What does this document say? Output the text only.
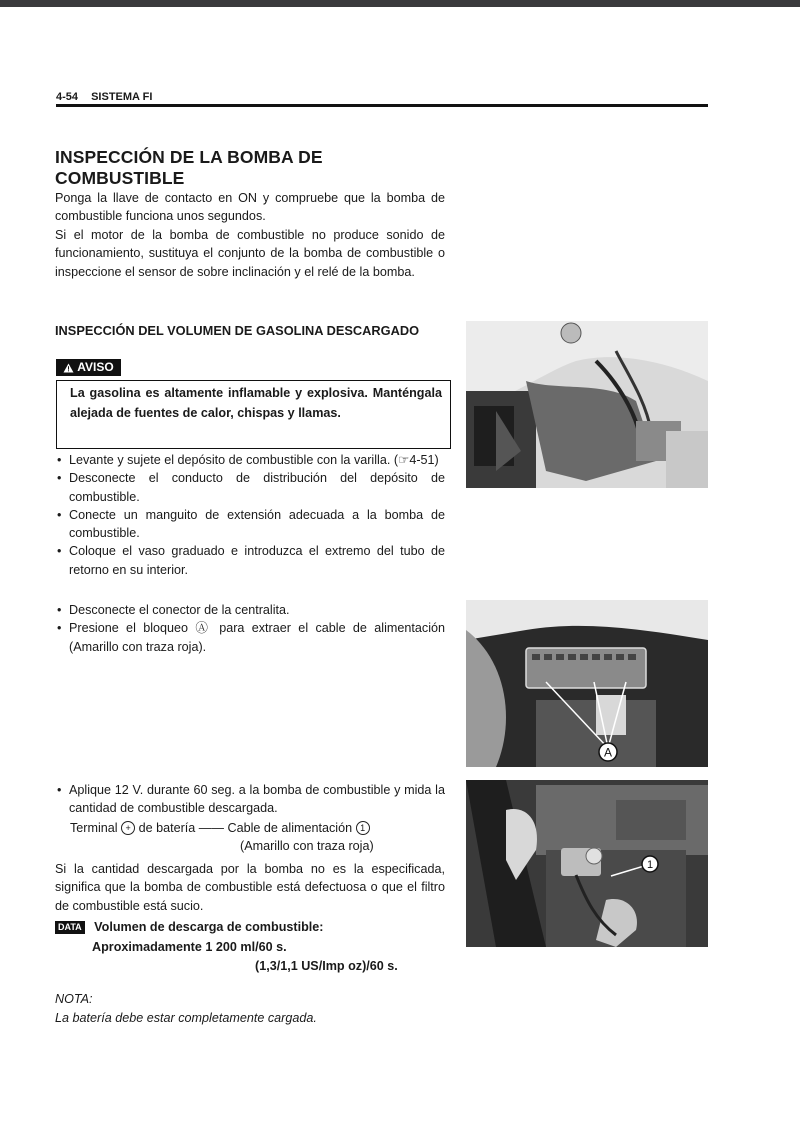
4-54 SISTEMA FI
INSPECCIÓN DE LA BOMBA DE COMBUSTIBLE
Ponga la llave de contacto en ON y compruebe que la bomba de combustible funciona unos segundos.
Si el motor de la bomba de combustible no produce sonido de funcionamiento, sustituya el conjunto de la bomba de combustible o inspeccione el sensor de sobre inclinación y el relé de la bomba.
INSPECCIÓN DEL VOLUMEN DE GASOLINA DESCARGADO
AVISO
La gasolina es altamente inflamable y explosiva. Manténgala alejada de fuentes de calor, chispas y llamas.
• Levante y sujete el depósito de combustible con la varilla. (☞4-51)
• Desconecte el conducto de distribución del depósito de combustible.
• Conecte un manguito de extensión adecuada a la bomba de combustible.
• Coloque el vaso graduado e introduzca el extremo del tubo de retorno en su interior.
• Desconecte el conector de la centralita.
• Presione el bloqueo Ⓐ para extraer el cable de alimentación (Amarillo con traza roja).
• Aplique 12 V. durante 60 seg. a la bomba de combustible y mida la cantidad de combustible descargada.
Terminal + de batería —— Cable de alimentación 1
(Amarillo con traza roja)
Si la cantidad descargada por la bomba no es la especificada, significa que la bomba de combustible está defectuosa o que el filtro de combustible está sucio.
DATA Volumen de descarga de combustible:
Aproximadamente 1 200 ml/60 s.
(1,3/1,1 US/Imp oz)/60 s.
NOTA:
La batería debe estar completamente cargada.
A
1
